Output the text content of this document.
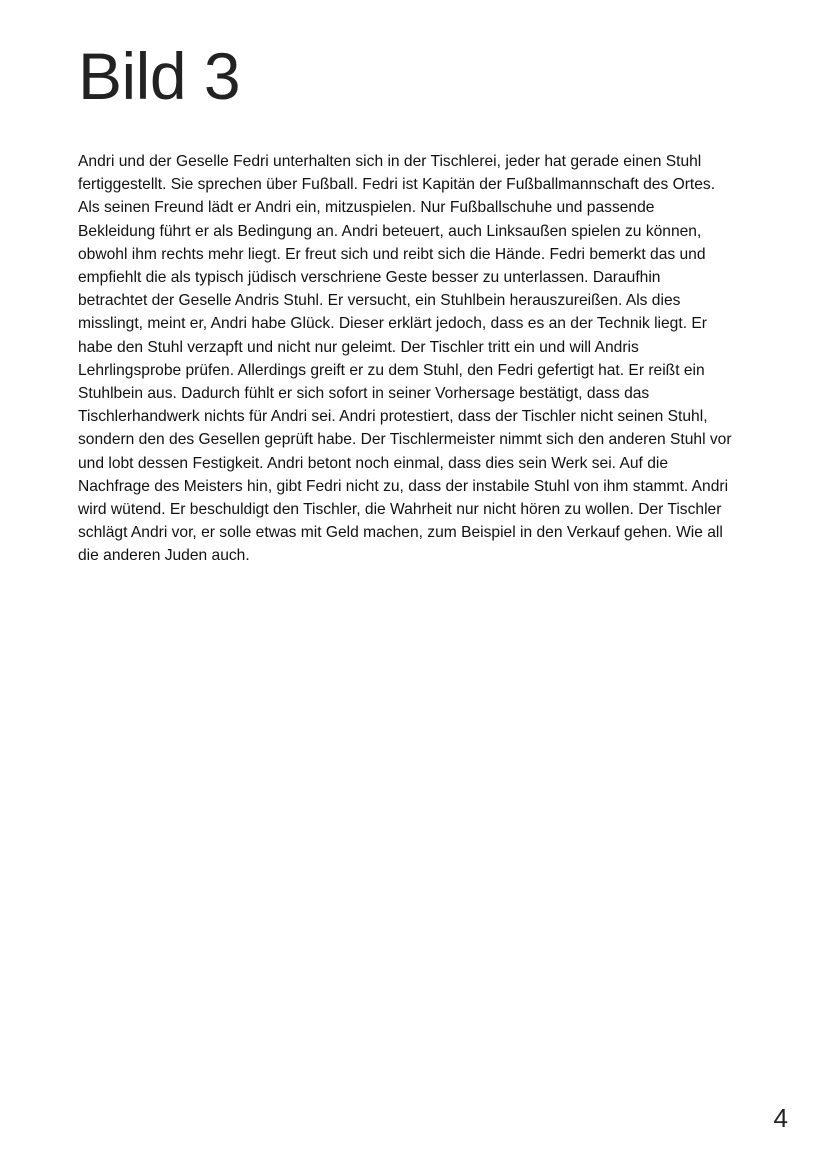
Bild 3

Andri und der Geselle Fedri unterhalten sich in der Tischlerei, jeder hat gerade einen Stuhl fertiggestellt. Sie sprechen über Fußball. Fedri ist Kapitän der Fußballmannschaft des Ortes. Als seinen Freund lädt er Andri ein, mitzuspielen. Nur Fußballschuhe und passende Bekleidung führt er als Bedingung an. Andri beteuert, auch Linksaußen spielen zu können, obwohl ihm rechts mehr liegt. Er freut sich und reibt sich die Hände. Fedri bemerkt das und empfiehlt die als typisch jüdisch verschriene Geste besser zu unterlassen. Daraufhin betrachtet der Geselle Andris Stuhl. Er versucht, ein Stuhlbein herauszureißen. Als dies misslingt, meint er, Andri habe Glück. Dieser erklärt jedoch, dass es an der Technik liegt. Er habe den Stuhl verzapft und nicht nur geleimt. Der Tischler tritt ein und will Andris Lehrlingsprobe prüfen. Allerdings greift er zu dem Stuhl, den Fedri gefertigt hat. Er reißt ein Stuhlbein aus. Dadurch fühlt er sich sofort in seiner Vorhersage bestätigt, dass das Tischlerhandwerk nichts für Andri sei. Andri protestiert, dass der Tischler nicht seinen Stuhl, sondern den des Gesellen geprüft habe. Der Tischlermeister nimmt sich den anderen Stuhl vor und lobt dessen Festigkeit. Andri betont noch einmal, dass dies sein Werk sei. Auf die Nachfrage des Meisters hin, gibt Fedri nicht zu, dass der instabile Stuhl von ihm stammt. Andri wird wütend. Er beschuldigt den Tischler, die Wahrheit nur nicht hören zu wollen. Der Tischler schlägt Andri vor, er solle etwas mit Geld machen, zum Beispiel in den Verkauf gehen. Wie all die anderen Juden auch.

4
